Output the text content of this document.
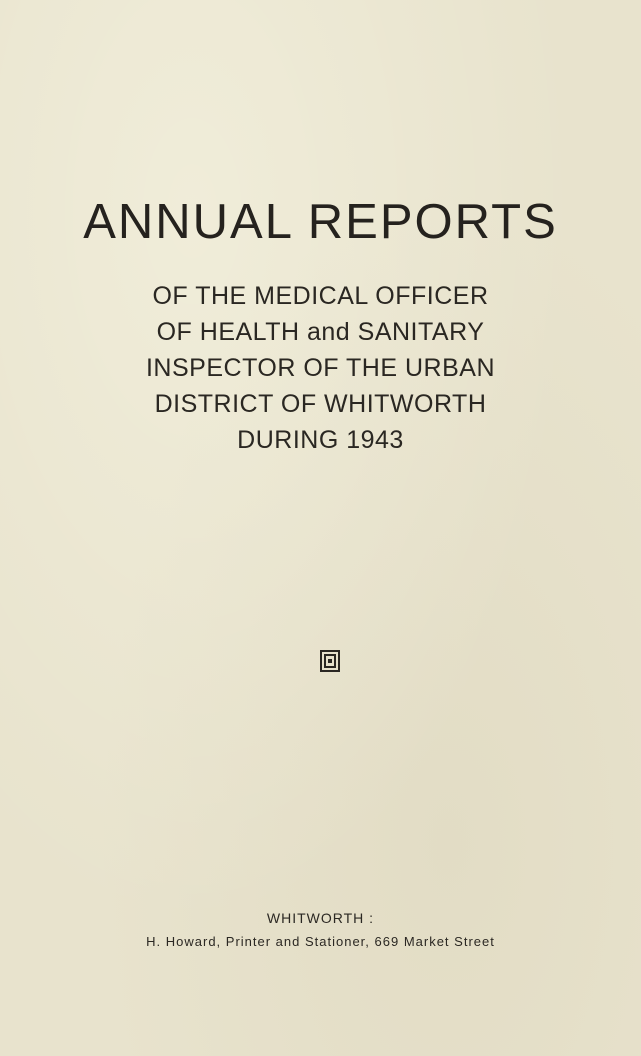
ANNUAL REPORTS
OF THE MEDICAL OFFICER
OF HEALTH and SANITARY
INSPECTOR OF THE URBAN
DISTRICT OF WHITWORTH
DURING 1943
WHITWORTH :
H. Howard, Printer and Stationer, 669 Market Street
